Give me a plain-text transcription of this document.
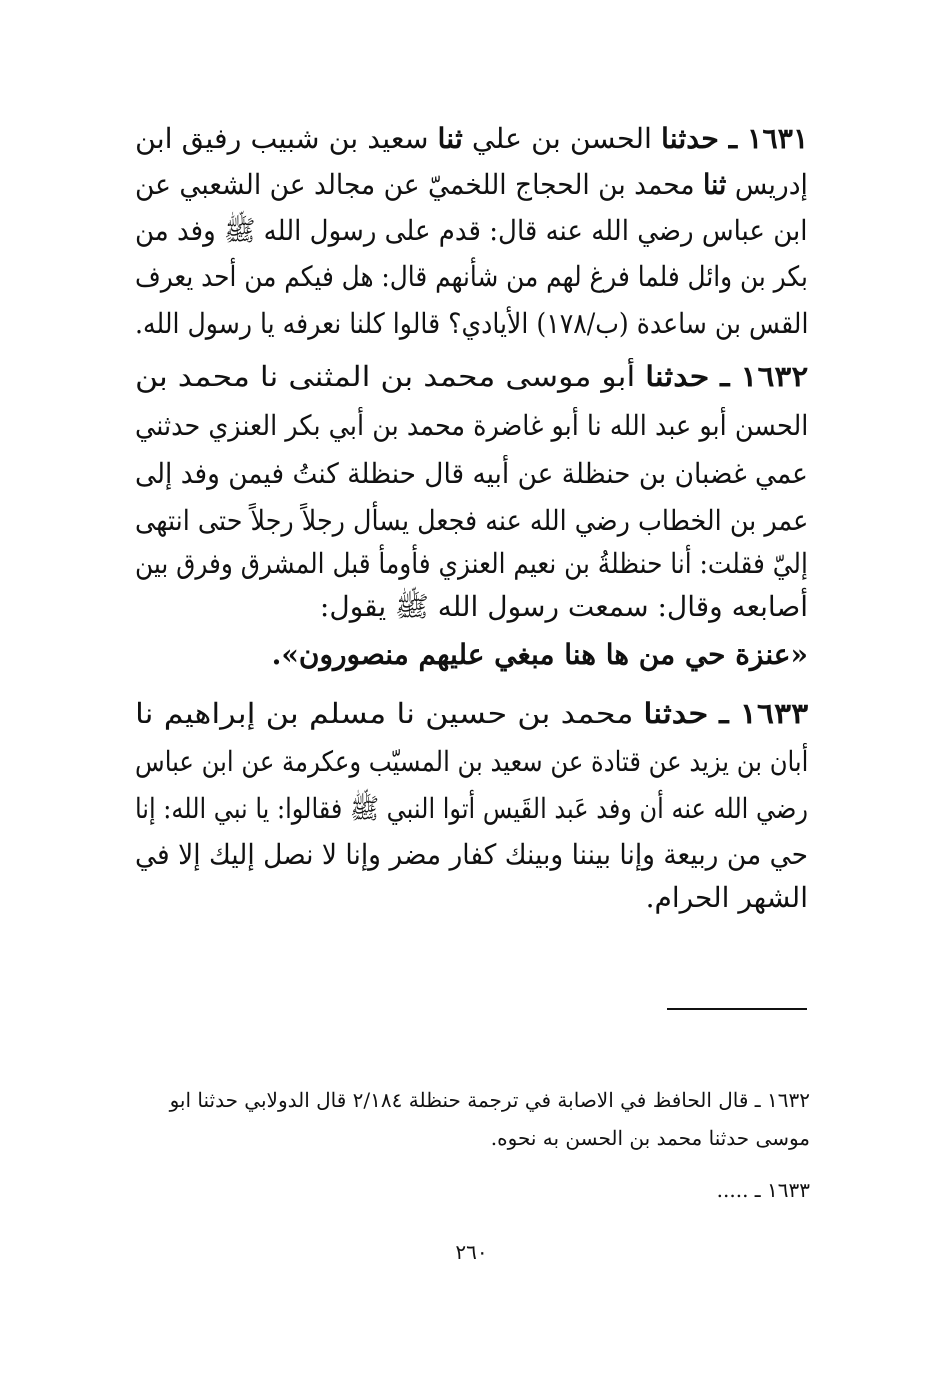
١٦٣١ ـ حدثنا الحسن بن علي ثنا سعيد بن شبيب رفيق ابن
إدريس ثنا محمد بن الحجاج اللخميّ عن مجالد عن الشعبي عن
ابن عباس رضي الله عنه قال: قدم على رسول الله ﷺ وفد من
بكر بن وائل فلما فرغ لهم من شأنهم قال: هل فيكم من أحد يعرف
القس بن ساعدة (ب/١٧٨) الأيادي؟ قالوا كلنا نعرفه يا رسول الله.
١٦٣٢ ـ حدثنا أبو موسى محمد بن المثنى نا محمد بن
الحسن أبو عبد الله نا أبو غاضرة محمد بن أبي بكر العنزي حدثني
عمي غضبان بن حنظلة عن أبيه قال حنظلة كنتُ فيمن وفد إلى
عمر بن الخطاب رضي الله عنه فجعل يسأل رجلاً رجلاً حتى انتهى
إليّ فقلت: أنا حنظلةُ بن نعيم العنزي فأومأ قبل المشرق وفرق بين
أصابعه وقال: سمعت رسول الله ﷺ يقول:
«عنزة حي من ها هنا مبغي عليهم منصورون».
١٦٣٣ ـ حدثنا محمد بن حسين نا مسلم بن إبراهيم نا
أبان بن يزيد عن قتادة عن سعيد بن المسيّب وعكرمة عن ابن عباس
رضي الله عنه أن وفد عَبد القَيس أتوا النبي ﷺ فقالوا: يا نبي الله: إنا
حي من ربيعة وإنا بيننا وبينك كفار مضر وإنا لا نصل إليك إلا في
الشهر الحرام.
١٦٣٢ ـ قال الحافظ في الاصابة في ترجمة حنظلة ٢/١٨٤ قال الدولابي حدثنا ابو
موسى حدثنا محمد بن الحسن به نحوه.
١٦٣٣ ـ .....
٢٦٠
